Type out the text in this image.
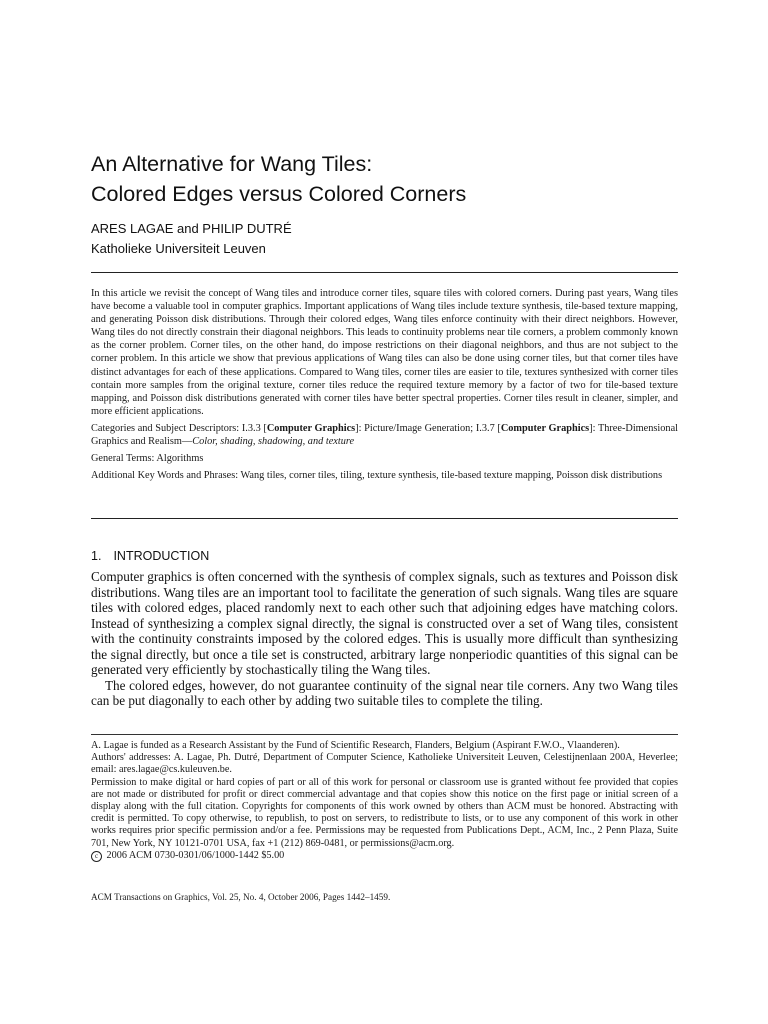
An Alternative for Wang Tiles:
Colored Edges versus Colored Corners
ARES LAGAE and PHILIP DUTRÉ
Katholieke Universiteit Leuven

In this article we revisit the concept of Wang tiles and introduce corner tiles, square tiles with colored corners. During past years, Wang tiles have become a valuable tool in computer graphics. Important applications of Wang tiles include texture synthesis, tile-based texture mapping, and generating Poisson disk distributions. Through their colored edges, Wang tiles enforce continuity with their direct neighbors. However, Wang tiles do not directly constrain their diagonal neighbors. This leads to continuity problems near tile corners, a problem commonly known as the corner problem. Corner tiles, on the other hand, do impose restrictions on their diagonal neighbors, and thus are not subject to the corner problem. In this article we show that previous applications of Wang tiles can also be done using corner tiles, but that corner tiles have distinct advantages for each of these applications. Compared to Wang tiles, corner tiles are easier to tile, textures synthesized with corner tiles contain more samples from the original texture, corner tiles reduce the required texture memory by a factor of two for tile-based texture mapping, and Poisson disk distributions generated with corner tiles have better spectral properties. Corner tiles result in cleaner, simpler, and more efficient applications.

Categories and Subject Descriptors: I.3.3 [Computer Graphics]: Picture/Image Generation; I.3.7 [Computer Graphics]: Three-Dimensional Graphics and Realism—Color, shading, shadowing, and texture

General Terms: Algorithms

Additional Key Words and Phrases: Wang tiles, corner tiles, tiling, texture synthesis, tile-based texture mapping, Poisson disk distributions

1. INTRODUCTION

Computer graphics is often concerned with the synthesis of complex signals, such as textures and Poisson disk distributions. Wang tiles are an important tool to facilitate the generation of such signals. Wang tiles are square tiles with colored edges, placed randomly next to each other such that adjoining edges have matching colors. Instead of synthesizing a complex signal directly, the signal is constructed over a set of Wang tiles, consistent with the continuity constraints imposed by the colored edges. This is usually more difficult than synthesizing the signal directly, but once a tile set is constructed, arbitrary large nonperiodic quantities of this signal can be generated very efficiently by stochastically tiling the Wang tiles.

The colored edges, however, do not guarantee continuity of the signal near tile corners. Any two Wang tiles can be put diagonally to each other by adding two suitable tiles to complete the tiling.

A. Lagae is funded as a Research Assistant by the Fund of Scientific Research, Flanders, Belgium (Aspirant F.W.O., Vlaanderen).

Authors' addresses: A. Lagae, Ph. Dutré, Department of Computer Science, Katholieke Universiteit Leuven, Celestijnenlaan 200A, Heverlee; email: ares.lagae@cs.kuleuven.be.

Permission to make digital or hard copies of part or all of this work for personal or classroom use is granted without fee provided that copies are not made or distributed for profit or direct commercial advantage and that copies show this notice on the first page or initial screen of a display along with the full citation. Copyrights for components of this work owned by others than ACM must be honored. Abstracting with credit is permitted. To copy otherwise, to republish, to post on servers, to redistribute to lists, or to use any component of this work in other works requires prior specific permission and/or a fee. Permissions may be requested from Publications Dept., ACM, Inc., 2 Penn Plaza, Suite 701, New York, NY 10121-0701 USA, fax +1 (212) 869-0481, or permissions@acm.org.

c 2006 ACM 0730-0301/06/1000-1442 $5.00

ACM Transactions on Graphics, Vol. 25, No. 4, October 2006, Pages 1442–1459.
